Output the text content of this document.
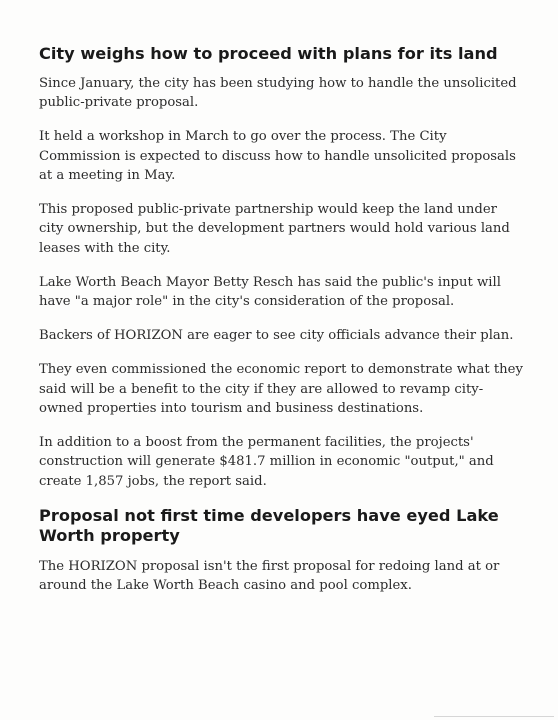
City weighs how to proceed with plans for its land

Since January, the city has been studying how to handle the unsolicited public-private proposal.

It held a workshop in March to go over the process. The City Commission is expected to discuss how to handle unsolicited proposals at a meeting in May.

This proposed public-private partnership would keep the land under city ownership, but the development partners would hold various land leases with the city.

Lake Worth Beach Mayor Betty Resch has said the public's input will have "a major role" in the city's consideration of the proposal.

Backers of HORIZON are eager to see city officials advance their plan.

They even commissioned the economic report to demonstrate what they said will be a benefit to the city if they are allowed to revamp city-owned properties into tourism and business destinations.

In addition to a boost from the permanent facilities, the projects' construction will generate $481.7 million in economic "output," and create 1,857 jobs, the report said.

Proposal not first time developers have eyed Lake Worth property

The HORIZON proposal isn't the first proposal for redoing land at or around the Lake Worth Beach casino and pool complex.
